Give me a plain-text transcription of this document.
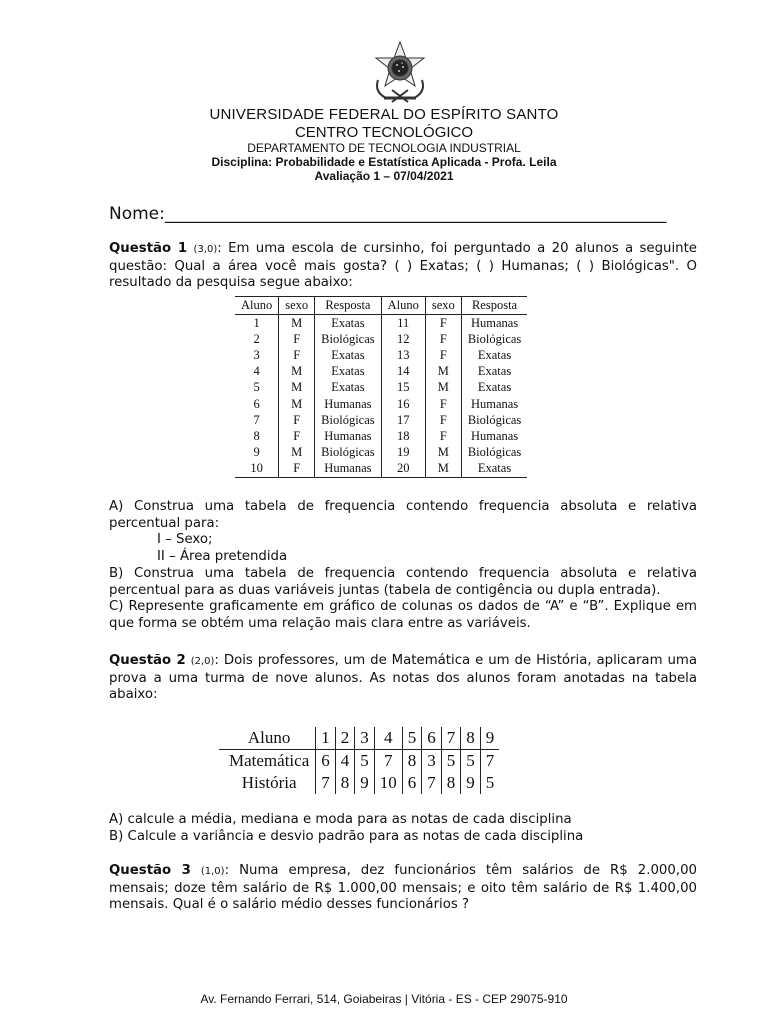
UNIVERSIDADE FEDERAL DO ESPÍRITO SANTO
CENTRO TECNOLÓGICO
DEPARTAMENTO DE TECNOLOGIA INDUSTRIAL
Disciplina: Probabilidade e Estatística Aplicada - Profa. Leila
Avaliação 1 – 07/04/2021
Nome:___________________________________________________________
Questão 1 (3,0): Em uma escola de cursinho, foi perguntado a 20 alunos a seguinte questão: Qual a área você mais gosta? ( ) Exatas; ( ) Humanas; ( ) Biológicas". O resultado da pesquisa segue abaixo:
Aluno	sexo	Resposta	Aluno	sexo	Resposta
1	M	Exatas	11	F	Humanas
2	F	Biológicas	12	F	Biológicas
3	F	Exatas	13	F	Exatas
4	M	Exatas	14	M	Exatas
5	M	Exatas	15	M	Exatas
6	M	Humanas	16	F	Humanas
7	F	Biológicas	17	F	Biológicas
8	F	Humanas	18	F	Humanas
9	M	Biológicas	19	M	Biológicas
10	F	Humanas	20	M	Exatas
A) Construa uma tabela de frequencia contendo frequencia absoluta e relativa percentual para:
I – Sexo;
II – Área pretendida
B) Construa uma tabela de frequencia contendo frequencia absoluta e relativa percentual para as duas variáveis juntas (tabela de contigência ou dupla entrada).
C) Represente graficamente em gráfico de colunas os dados de “A” e “B”. Explique em que forma se obtém uma relação mais clara entre as variáveis.
Questão 2 (2,0): Dois professores, um de Matemática e um de História, aplicaram uma prova a uma turma de nove alunos. As notas dos alunos foram anotadas na tabela abaixo:
Aluno	1	2	3	4	5	6	7	8	9
Matemática	6	4	5	7	8	3	5	5	7
História	7	8	9	10	6	7	8	9	5
A) calcule a média, mediana e moda para as notas de cada disciplina
B) Calcule a variância e desvio padrão para as notas de cada disciplina
Questão 3 (1,0): Numa empresa, dez funcionários têm salários de R$ 2.000,00 mensais; doze têm salário de R$ 1.000,00 mensais; e oito têm salário de R$ 1.400,00 mensais. Qual é o salário médio desses funcionários ?
Av. Fernando Ferrari, 514, Goiabeiras | Vitória - ES - CEP 29075-910
